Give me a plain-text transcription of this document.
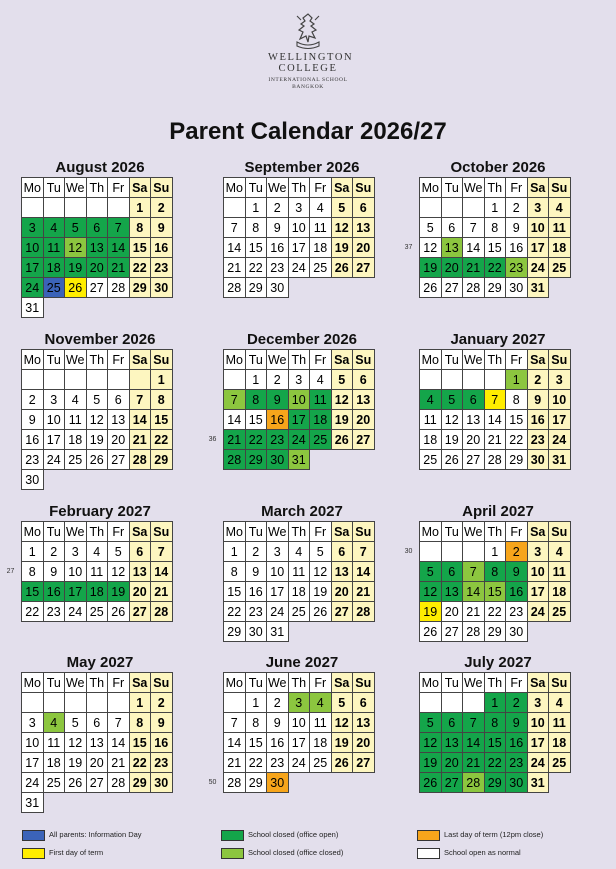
WELLINGTON
COLLEGE
INTERNATIONAL SCHOOL
BANGKOK
Parent Calendar 2026/27
August 2026
	Mo	Tu	We	Th	Fr	Sa	Su
						1	2
	3	4	5	6	7	8	9
	10	11	12	13	14	15	16
	17	18	19	20	21	22	23
	24	25	26	27	28	29	30
	31						
September 2026
	Mo	Tu	We	Th	Fr	Sa	Su
		1	2	3	4	5	6
	7	8	9	10	11	12	13
	14	15	16	17	18	19	20
	21	22	23	24	25	26	27
	28	29	30				
October 2026
	Mo	Tu	We	Th	Fr	Sa	Su
				1	2	3	4
	5	6	7	8	9	10	11
37	12	13	14	15	16	17	18
	19	20	21	22	23	24	25
	26	27	28	29	30	31	
November 2026
	Mo	Tu	We	Th	Fr	Sa	Su
							1
	2	3	4	5	6	7	8
	9	10	11	12	13	14	15
	16	17	18	19	20	21	22
	23	24	25	26	27	28	29
	30						
December 2026
	Mo	Tu	We	Th	Fr	Sa	Su
		1	2	3	4	5	6
	7	8	9	10	11	12	13
	14	15	16	17	18	19	20
36	21	22	23	24	25	26	27
	28	29	30	31			
January 2027
	Mo	Tu	We	Th	Fr	Sa	Su
					1	2	3
	4	5	6	7	8	9	10
	11	12	13	14	15	16	17
	18	19	20	21	22	23	24
	25	26	27	28	29	30	31
February 2027
	Mo	Tu	We	Th	Fr	Sa	Su
	1	2	3	4	5	6	7
27	8	9	10	11	12	13	14
	15	16	17	18	19	20	21
	22	23	24	25	26	27	28
March 2027
	Mo	Tu	We	Th	Fr	Sa	Su
	1	2	3	4	5	6	7
	8	9	10	11	12	13	14
	15	16	17	18	19	20	21
	22	23	24	25	26	27	28
	29	30	31				
April 2027
	Mo	Tu	We	Th	Fr	Sa	Su
30				1	2	3	4
	5	6	7	8	9	10	11
	12	13	14	15	16	17	18
	19	20	21	22	23	24	25
	26	27	28	29	30		
May 2027
	Mo	Tu	We	Th	Fr	Sa	Su
						1	2
	3	4	5	6	7	8	9
	10	11	12	13	14	15	16
	17	18	19	20	21	22	23
	24	25	26	27	28	29	30
	31						
June 2027
	Mo	Tu	We	Th	Fr	Sa	Su
		1	2	3	4	5	6
	7	8	9	10	11	12	13
	14	15	16	17	18	19	20
	21	22	23	24	25	26	27
50	28	29	30				
July 2027
	Mo	Tu	We	Th	Fr	Sa	Su
				1	2	3	4
	5	6	7	8	9	10	11
	12	13	14	15	16	17	18
	19	20	21	22	23	24	25
	26	27	28	29	30	31	
All parents: Information Day
First day of term
School closed (office open)
School closed (office closed)
Last day of term (12pm close)
School open as normal
